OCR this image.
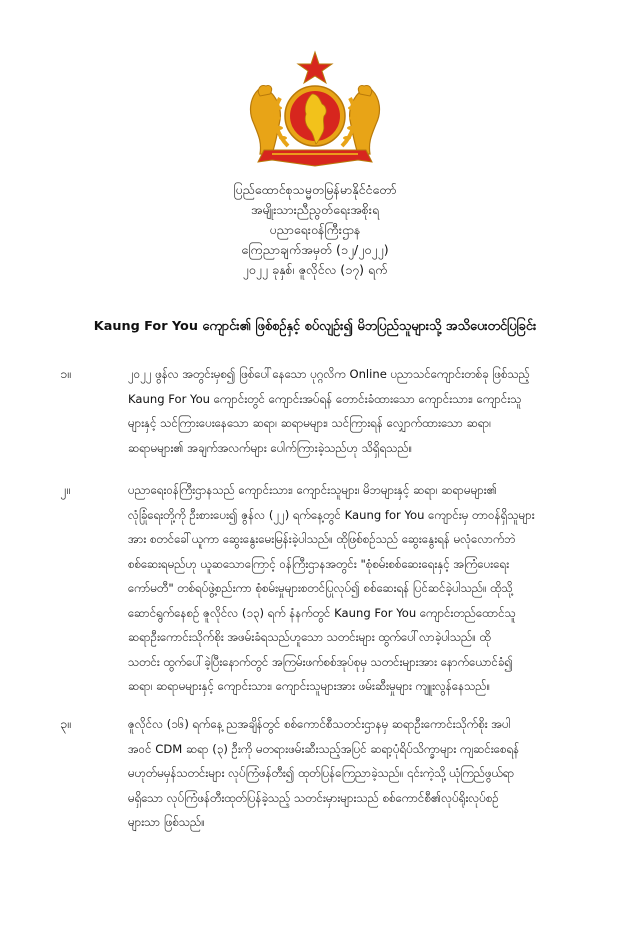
ပြည်ထောင်စုသမ္မတမြန်မာနိုင်ငံတော်
အမျိုးသားညီညွတ်ရေးအစိုးရ
ပညာရေးဝန်ကြီးဌာန
ကြေညာချက်အမှတ် (၁၂/၂၀၂၂)
၂၀၂၂ ခုနှစ်၊ ဇူလိုင်လ (၁၇) ရက်
Kaung For You ကျောင်း၏ ဖြစ်စဥ်နှင့် စပ်လျဥ်း၍ မိဘပြည်သူများသို့ အသိပေးတင်ပြခြင်း
၁။	၂၀၂၂ ဖွန်လ အတွင်းမှစ၍ ဖြစ်ပေါ်နေသော ပုဂ္ဂလိက Online ပညာသင်ကျောင်းတစ်ခု ဖြစ်သည့်
Kaung For You ကျောင်းတွင် ကျောင်းအပ်ရန် တောင်းခံထားသော ကျောင်းသား၊ ကျောင်းသူ
များနှင့် သင်ကြားပေးနေသော ဆရာ၊ ဆရာမများ၊ သင်ကြားရန် လျှောက်ထားသော ဆရာ၊
ဆရာမများ၏ အချက်အလက်များ ပေါက်ကြားခဲ့သည်ဟု သိရှိရသည်။
၂။	ပညာရေးဝန်ကြီးဌာနသည် ကျောင်းသား၊ ကျောင်းသူများ၊ မိဘများနှင့် ဆရာ၊ ဆရာမများ၏
လုံခြုံရေးတို့ကို ဦးစားပေး၍ ဇွန်လ (၂၂) ရက်နေ့တွင် Kaung for You ကျောင်းမှ တာဝန်ရှိသူများ
အား စတင်ခေါ်ယူကာ ဆွေးနွေးမေးမြန်းခဲ့ပါသည်။ ထိုဖြစ်စဥ်သည် ဆွေးနွေးရန် မလုံလောက်ဘဲ
စစ်ဆေးရမည်ဟု ယူဆသောကြောင့် ဝန်ကြီးဌာနအတွင်း "စုံစမ်းစစ်ဆေးရေးနှင့် အကြံပေးရေး
ကော်မတီ" တစ်ရပ်ဖွဲ့စည်းကာ စုံစမ်းမှုများစတင်ပြုလုပ်၍ စစ်ဆေးရန် ပြင်ဆင်ခဲ့ပါသည်။ ထိုသို့
ဆောင်ရွက်နေစဥ် ဇူလိုင်လ (၁၃) ရက် နံနက်တွင် Kaung For You ကျောင်းတည်ထောင်သူ
ဆရာဦးကောင်းသိုက်စိုး အဖမ်းခံရသည်ဟူသော သတင်းများ ထွက်ပေါ်လာခဲ့ပါသည်။ ထို
သတင်း ထွက်ပေါ်ခဲ့ပြီးနောက်တွင် အကြမ်းဖက်စစ်အုပ်စုမှ သတင်းများအား နောက်ယောင်ခံ၍
ဆရာ၊ ဆရာမများနှင့် ကျောင်းသား၊ ကျောင်းသူများအား ဖမ်းဆီးမှုများ ကျူးလွန်နေသည်။
၃။	ဇူလိုင်လ (၁၆) ရက်နေ့ ညအချိန်တွင် စစ်ကောင်စီသတင်းဌာနမှ ဆရာဦးကောင်းသိုက်စိုး အပါ
အဝင် CDM ဆရာ (၃) ဦးကို မတရားဖမ်းဆီးသည့်အပြင် ဆရာ့ပုံရိပ်သိက္ခာများ ကျဆင်းစေရန်
မဟုတ်မမှန်သတင်းများ လုပ်ကြံဖန်တီး၍ ထုတ်ပြန်ကြေညာခဲ့သည်။ ၎င်းကဲ့သို့ ယုံကြည်ဖွယ်ရာ
မရှိသော လုပ်ကြံဖန်တီးထုတ်ပြန်ခဲ့သည့် သတင်းမှားများသည် စစ်ကောင်စီ၏လုပ်ရိုးလုပ်စဥ်
များသာ ဖြစ်သည်။
